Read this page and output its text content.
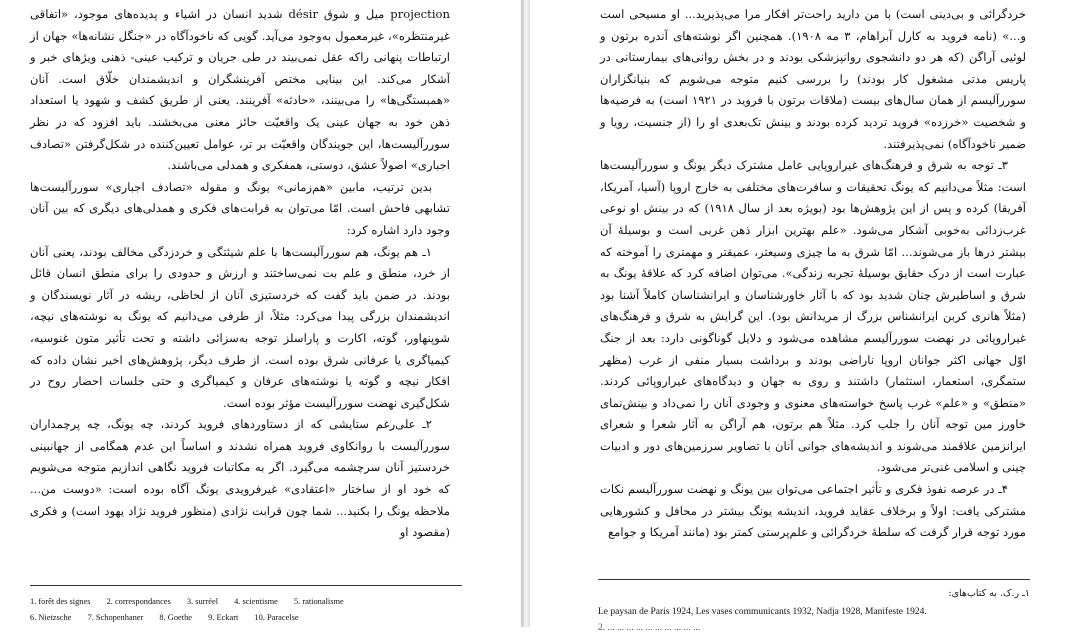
projection میل و شوق désir شدید انسان در اشیاء و پدیده‌های موجود، «اتفاقی غیرمنتظره»، غیرمعمول به‌وجود می‌آید. گویی که ناخودآگاه در «جنگل نشانه‌ها» جهان از ارتباطات پنهانی راکه عقل نمی‌بیند در طی جریان و ترکیب عینی- ذهنی ویژهای خبر و آشکار می‌کند. این بینایی مختص آفرینشگران و اندیشمندان خلّاق است. آنان «همبستگی‌ها» را می‌بینند، «حادثه» آفرینند. یعنی از طریق کشف و شهود یا استعداد ذهن خود به جهان عینی یک واقعیّت حائز معنی می‌بخشند. باید افزود که در نظر سوررآلیست‌ها، این جویندگان واقعیّت بر تر، عوامل تعیین‌کننده در شکل‌گرفتن «تصادف اجباری» اصولاً عشق، دوستی، همفکری و همدلی می‌باشند.

بدین ترتیب، مابین «هم‌زمانی» یونگ و مقوله «تصادف اجباری» سوررآلیست‌ها تشابهی فاحش است. امّا می‌توان به قرابت‌های فکری و همدلی‌های دیگری که بین آنان وجود دارد اشاره کرد:

۱ـ هم یونگ، هم سوررآلیست‌ها با علم شیئتگی و خردزدگی مخالف بودند، یعنی آنان از خرد، منطق و علم بت نمی‌ساختند و ارزش و حدودی را برای منطق انسان قائل بودند. در ضمن باید گفت که خردستیزی آنان از لحاظی، ریشه در آثار نویسندگان و اندیشمندان بزرگی پیدا می‌کرد: مثلاً، از طرفی می‌دانیم که یونگ به نوشته‌های نیچه، شوپنهاور، گوته، اکارت و پاراسلز توجه به‌سزائی داشته و تحت تأثیر متون غنوسیه، کیمیاگری یا عرفانی شرق بوده است. از طرف دیگر، پژوهش‌های اخیر نشان داده که افکار نیچه و گوته یا نوشته‌های عرفان و کیمیاگری و حتی جلسات احضار روح در شکل‌گیری نهضت سوررآلیست مؤثر بوده است.

۲ـ علی‌رغم ستایشی که از دستاوردهای فروید کردند، چه یونگ، چه پرچمداران سوررآلیست با روانکاوی فروید همراه نشدند و اساساً این عدم همگامی از جهانبینی خردستیز آنان سرچشمه می‌گیرد. اگر به مکاتبات فروید نگاهی اندازیم متوجه می‌شویم که خود او از ساختار «اعتقادی» غیرفرویدی یونگ آگاه بوده است: «دوست من... ملاحظه یونگ را بکنید... شما چون قرابت نژادی (منظور فروید نژاد یهود است) و فکری (مقصود او

1. forêt des signes 2. correspondances 3. surréel 4. scientisme 5. rationalisme
6. Nietzsche 7. Schopenhaner 8. Goethe 9. Eckart 10. Paracelse

خردگرائی و بی‌دینی است) با من دارید راحت‌تر افکار مرا می‌پذیرید... او مسیحی است و...» (نامه فروید به کارل آبراهام، ۳ مه ۱۹۰۸). همچنین اگر نوشته‌های آندره برتون و لوئیی آراگن (که هر دو دانشجوی روانپزشکی بودند و در بخش روانی‌های بیمارستانی در پاریس مدتی مشغول کار بودند) را بررسی کنیم متوجه می‌شویم که بنیانگزاران سوررآلیسم از همان سال‌های بیست (ملاقات برتون با فروید در ۱۹۲۱ است) به فرضیه‌ها و شخصیت «خرزده» فروید تردید کرده بودند و بینش تک‌بعدی او را (از جنسیت، رویا و ضمیر ناخودآگاه) نمی‌پذیرفتند.

۳ـ توجه به شرق و فرهنگ‌های غیراروپایی عامل مشترک دیگر یونگ و سوررآلیست‌ها است: مثلاً می‌دانیم که یونگ تحقیقات و سافرت‌های مختلفی به خارج اروپا (آسیا، آمریکا، آفریقا) کرده و پس از این پژوهش‌ها بود (بویژه بعد از سال ۱۹۱۸) که در بینش او نوعی غرب‌زدائی به‌خوبی آشکار می‌شود. «علم بهترین ابزار ذهن غربی است و بوسیلهٔ آن بیشتر درها باز می‌شوند... امّا شرق به ما چیزی وسیعتر، عمیقتر و مهمتری را آموخته که عبارت است از درک حقایق بوسیلهٔ تجربه زندگی». می‌توان اضافه کرد که علاقهٔ یونگ به شرق و اساطیرش چنان شدید بود که با آثار خاورشناسان و ایرانشناسان کاملاً آشنا بود (مثلاً هانری کربن ایرانشناس بزرگ از مریدانش بود). این گرایش به شرق و فرهنگ‌های غیراروپائی در نهضت سوررآلیسم مشاهده می‌شود و دلایل گوناگونی دارد: بعد از جنگ اوّل جهانی اکثر جوانان اروپا ناراضی بودند و برداشت بسیار منفی از غرب (مظهر ستمگری، استعمار، استثمار) داشتند و روی به جهان و دیدگاه‌های غیراروپائی کردند. «منطق» و «علم» غرب پاسخ خواسته‌های معنوی و وجودی آنان را نمی‌داد و بینش‌نمای خاورز مین توجه آنان را جلب کرد. مثلاً هم برتون، هم آراگن به آثار شعرا و شعرای ایرانزمین علاقمند می‌شوند و اندیشه‌های جوانی آنان با تصاویر سرزمین‌های دور و ادبیات چینی و اسلامی غنی‌تر می‌شود.

۴ـ در عرصه نفوذ فکری و تأثیر اجتماعی می‌توان بین یونگ و نهضت سوررآلیسم نکات مشترکی یافت: اولاً و برخلاف عقاید فروید، اندیشه یونگ بیشتر در محافل و کشورهایی مورد توجه قرار گرفت که سلطهٔ خردگرائی و علم‌پرستی کمتر بود (مانند آمریکا و جوامع

۱ـ ر.ک. به کتاب‌های:
Le paysan de Paris 1924, Les vases communicants 1932, Nadja 1928, Manifeste 1924.
2. ... ... ... ... ... ... ... ... ... ...
